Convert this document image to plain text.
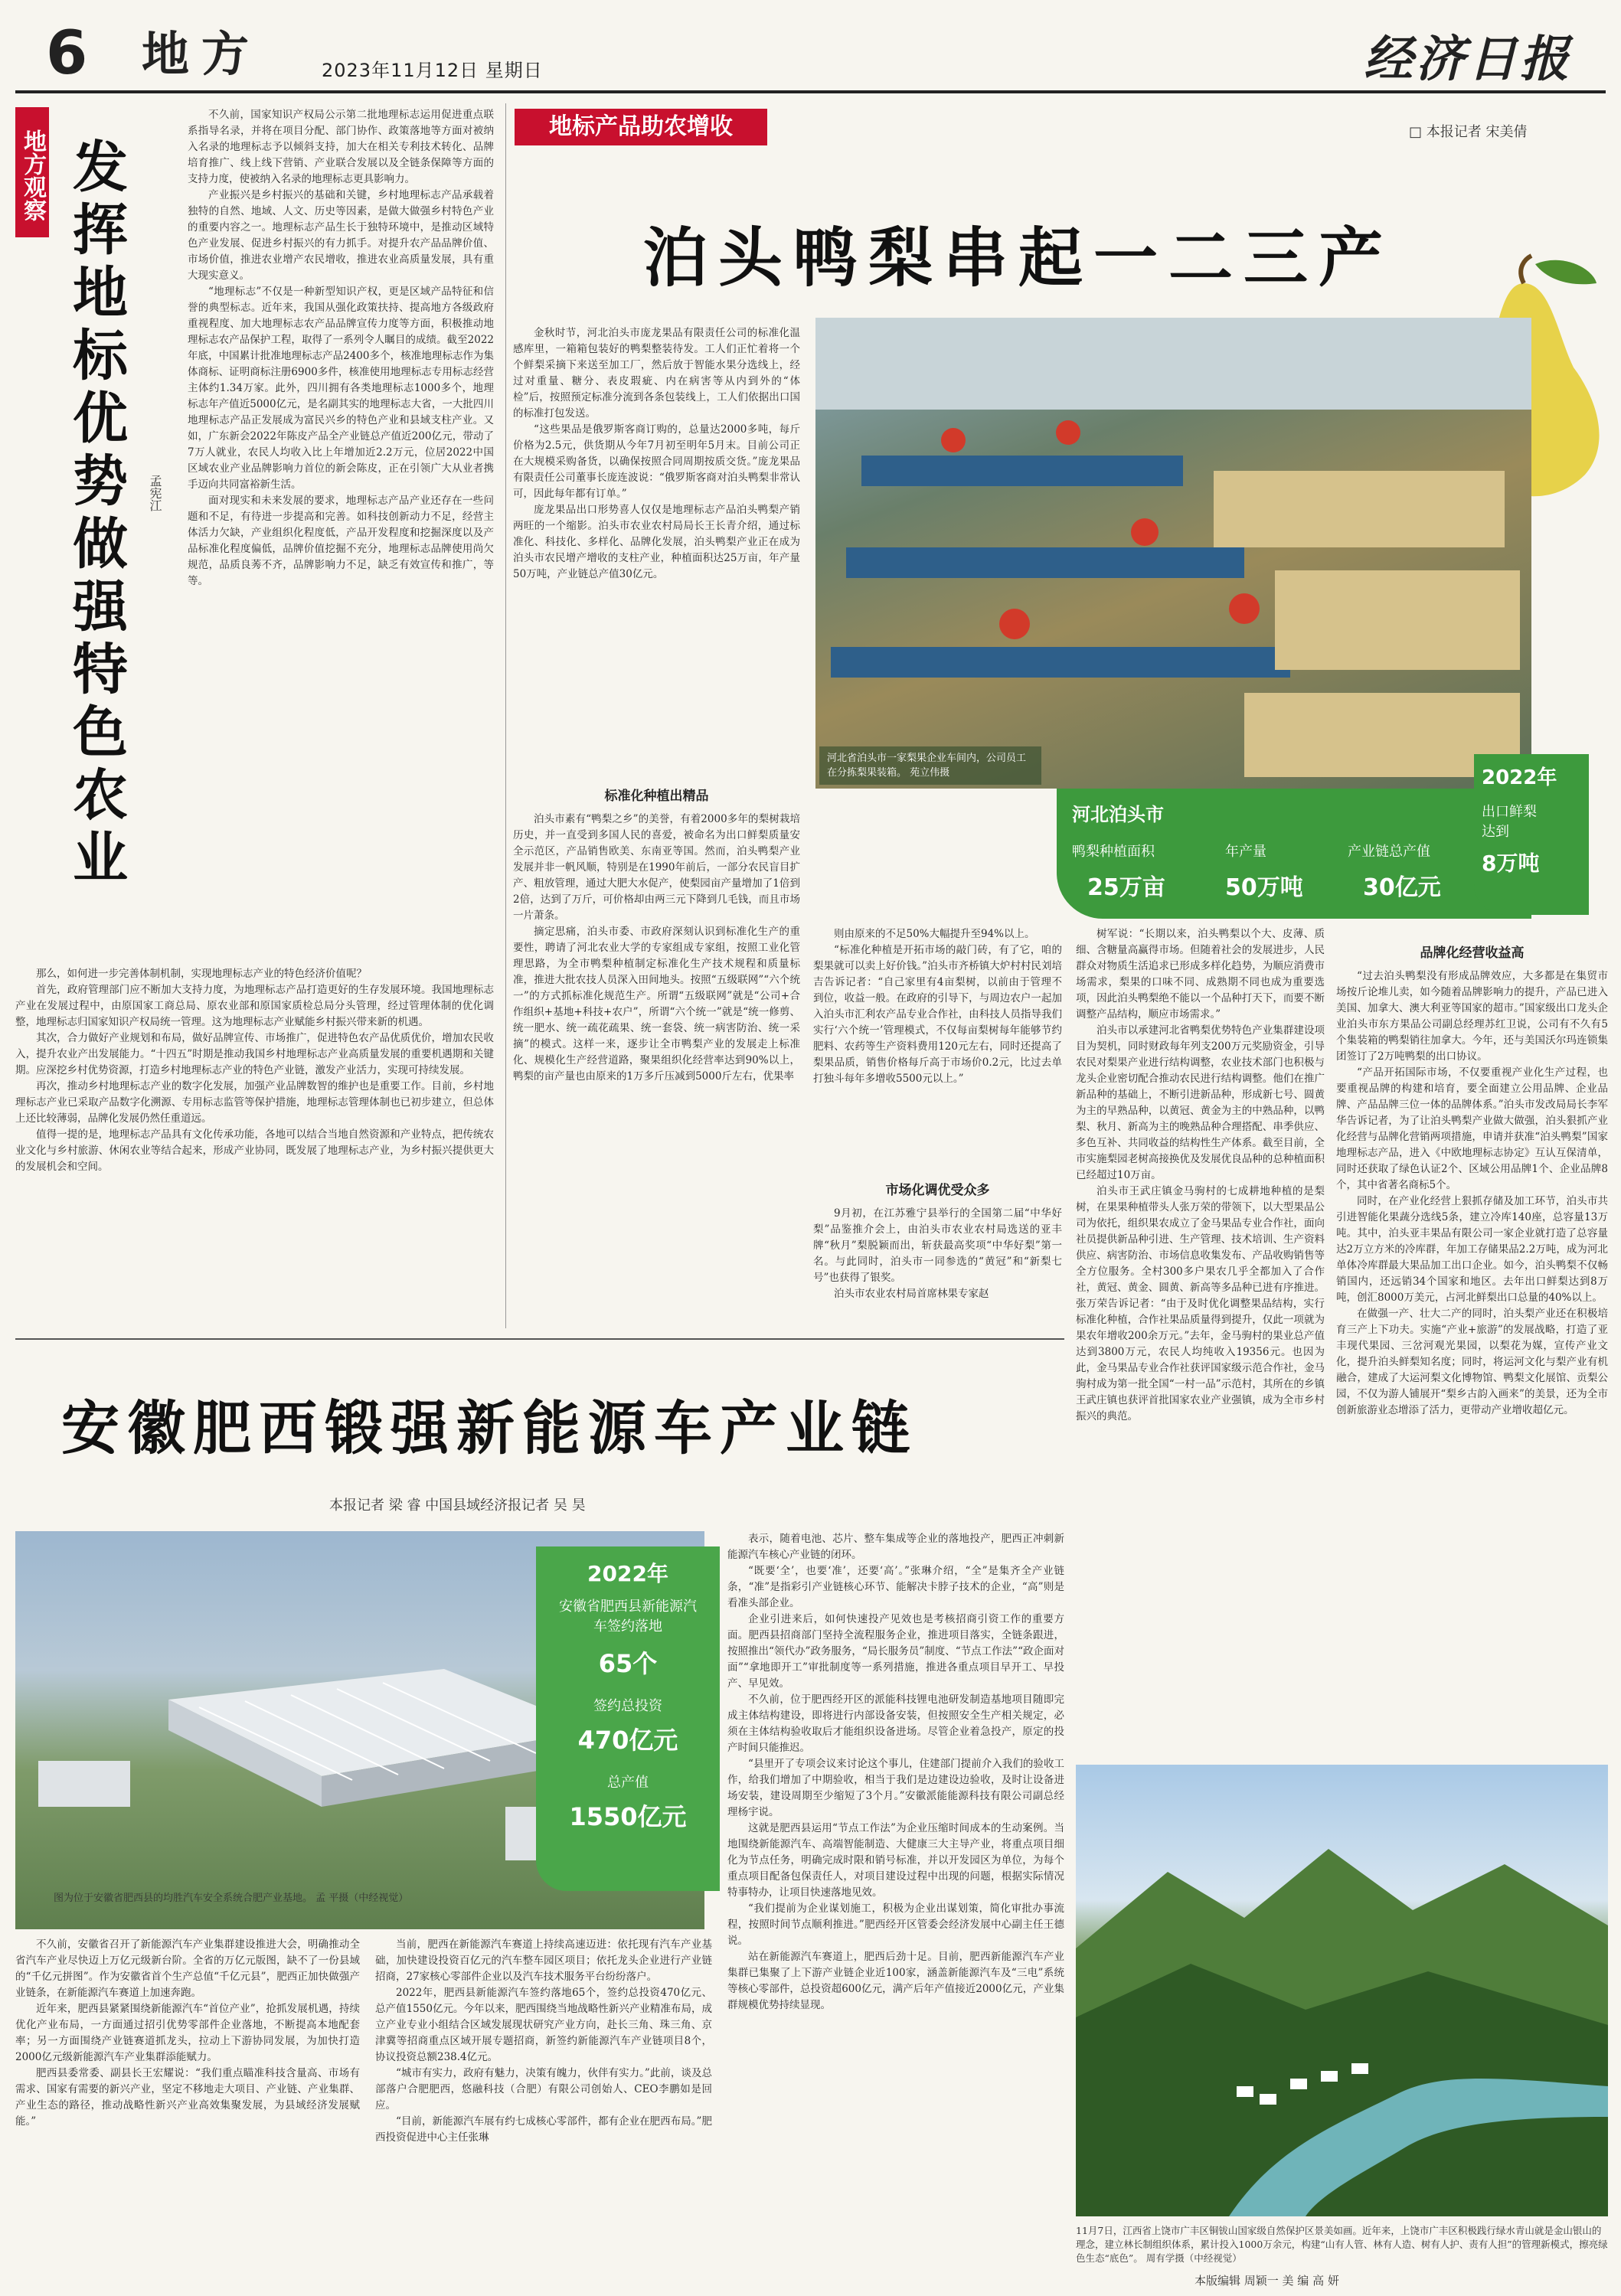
6 地方	2023年11月12日 星期日	经济日报
地方观察 发挥地标优势做强特色农业 孟宪江

不久前，国家知识产权局公示第二批地理标志运用促进重点联系指导名录，并将在项目分配、部门协作、政策落地等方面对被纳入名录的地理标志予以倾斜支持，加大在相关专利技术转化、品牌培育推广、线上线下营销、产业联合发展以及全链条保障等方面的支持力度，使被纳入名录的地理标志更具影响力。

产业振兴是乡村振兴的基础和关键，乡村地理标志产品承载着独特的自然、地域、人文、历史等因素，是做大做强乡村特色产业的重要内容之一。地理标志产品生长于独特环境中，是推动区域特色产业发展、促进乡村振兴的有力抓手。对提升农产品品牌价值、市场价值，推进农业增产农民增收，推进农业高质量发展，具有重大现实意义。

“地理标志”不仅是一种新型知识产权，更是区域产品特征和信誉的典型标志。近年来，我国从强化政策扶持、提高地方各级政府重视程度、加大地理标志农产品品牌宣传力度等方面，积极推动地理标志农产品保护工程，取得了一系列令人瞩目的成绩。截至2022年底，中国累计批准地理标志产品2400多个，核准地理标志作为集体商标、证明商标注册6900多件，核准使用地理标志专用标志经营主体约1.34万家。此外，四川拥有各类地理标志1000多个，地理标志年产值近5000亿元，是名副其实的地理标志大省，一大批四川地理标志产品正发展成为富民兴乡的特色产业和县域支柱产业。又如，广东新会2022年陈皮产品全产业链总产值近200亿元，带动了7万人就业，农民人均收入比上年增加近2.2万元，位居2022中国区域农业产业品牌影响力首位的新会陈皮，正在引领广大从业者携手迈向共同富裕新生活。

面对现实和未来发展的要求，地理标志产品产业还存在一些问题和不足，有待进一步提高和完善。如科技创新动力不足，经营主体活力欠缺，产业组织化程度低，产品开发程度和挖掘深度以及产品标准化程度偏低，品牌价值挖掘不充分，地理标志品牌使用尚欠规范，品质良莠不齐，品牌影响力不足，缺乏有效宣传和推广，等等。

那么，如何进一步完善体制机制，实现地理标志产业的特色经济价值呢？

首先，政府管理部门应不断加大支持力度，为地理标志产品打造更好的生存发展环境。我国地理标志产业在发展过程中，由原国家工商总局、原农业部和原国家质检总局分头管理，经过管理体制的优化调整，地理标志归国家知识产权局统一管理。这为地理标志产业赋能乡村振兴带来新的机遇。

其次，合力做好产业规划和布局，做好品牌宣传、市场推广，促进特色农产品优质优价，增加农民收入，提升农业产出发展能力。“十四五”时期是推动我国乡村地理标志产业高质量发展的重要机遇期和关键期。应深挖乡村优势资源，打造乡村地理标志产业的特色产业链，激发产业活力，实现可持续发展。

再次，推动乡村地理标志产业的数字化发展，加强产业品牌数智的维护也是重要工作。目前，乡村地理标志产业已采取产品数字化溯源、专用标志监管等保护措施，地理标志管理体制也已初步建立，但总体上还比较薄弱，品牌化发展仍然任重道远。

值得一提的是，地理标志产品具有文化传承功能，各地可以结合当地自然资源和产业特点，把传统农业文化与乡村旅游、休闲农业等结合起来，形成产业协同，既发展了地理标志产业，为乡村振兴提供更大的发展机会和空间。

地标产品助农增收	□ 本报记者 宋美倩
泊头鸭梨串起一二三产
河北省泊头市一家梨果企业车间内，公司员工在分拣梨果装箱。 苑立伟摄
河北泊头市
鸭梨种植面积
25万亩
年产量
50万吨
产业链总产值
30亿元
2022年
出口鲜梨达到
8万吨

金秋时节，河北泊头市庞龙果品有限责任公司的标准化温感库里，一箱箱包装好的鸭梨整装待发。工人们正忙着将一个个鲜梨采摘下来送至加工厂，然后放于智能水果分选线上，经过对重量、糖分、表皮瑕疵、内在病害等从内到外的“体检”后，按照预定标准分流到各条包装线上，工人们依据出口国的标准打包发送。

“这些果品是俄罗斯客商订购的，总量达2000多吨，每斤价格为2.5元，供货期从今年7月初至明年5月末。目前公司正在大规模采购备货，以确保按照合同周期按质交货。”庞龙果品有限责任公司董事长庞连波说：“俄罗斯客商对泊头鸭梨非常认可，因此每年都有订单。”

庞龙果品出口形势喜人仅仅是地理标志产品泊头鸭梨产销两旺的一个缩影。泊头市农业农村局局长王长青介绍，通过标准化、科技化、多样化、品牌化发展，泊头鸭梨产业正在成为泊头市农民增产增收的支柱产业，种植面积达25万亩，年产量50万吨，产业链总产值30亿元。

标准化种植出精品

泊头市素有“鸭梨之乡”的美誉，有着2000多年的梨树栽培历史，并一直受到多国人民的喜爱，被命名为出口鲜梨质量安全示范区，产品销售欧美、东南亚等国。然而，泊头鸭梨产业发展并非一帆风顺，特别是在1990年前后，一部分农民盲目扩产、粗放管理，通过大肥大水促产，使梨园亩产量增加了1倍到2倍，达到了万斤，可价格却由两三元下降到几毛钱，而且市场一片萧条。

摘定思痛，泊头市委、市政府深刻认识到标准化生产的重要性，聘请了河北农业大学的专家组成专家组，按照工业化管理思路，为全市鸭梨种植制定标准化生产技术规程和质量标准，推进大批农技人员深入田间地头。按照“五级联网”“六个统一”的方式抓标准化规范生产。所谓“五级联网”就是“公司+合作组织+基地+科技+农户”，所谓“六个统一”就是“统一修剪、统一肥水、统一疏花疏果、统一套袋、统一病害防治、统一采摘”的模式。这样一来，逐步让全市鸭梨产业的发展走上标准化、规模化生产经营道路，聚果组织化经营率达到90%以上，鸭梨的亩产量也由原来的1万多斤压减到5000斤左右，优果率

则由原来的不足50%大幅提升至94%以上。

“标准化种植是开拓市场的敲门砖，有了它，咱的梨果就可以卖上好价钱。”泊头市齐桥镇大炉村村民刘培吉告诉记者：“自己家里有4亩梨树，以前由于管理不到位，收益一般。在政府的引导下，与周边农户一起加入泊头市汇利农产品专业合作社，由科技人员指导我们实行‘六个统一’管理模式，不仅每亩梨树每年能够节约肥料、农药等生产资料费用120元左右，同时还提高了梨果品质，销售价格每斤高于市场价0.2元，比过去单打独斗每年多增收5500元以上。”

市场化调优受众多

9月初，在江苏雅宁县举行的全国第二届“中华好梨”品鉴推介会上，由泊头市农业农村局选送的亚丰牌“秋月”梨脱颖而出，斩获最高奖项“中华好梨”第一名。与此同时，泊头市一同参选的“黄冠”和“新梨七号”也获得了银奖。

泊头市农业农村局首席林果专家赵

树军说：“长期以来，泊头鸭梨以个大、皮薄、质细、含糖量高赢得市场。但随着社会的发展进步，人民群众对物质生活追求已形成多样化趋势，为顺应消费市场需求，梨果的口味不同、成熟期不同也成为重要选项，因此泊头鸭梨绝不能以一个品种打天下，而要不断调整产品结构，顺应市场需求。”

泊头市以承建河北省鸭梨优势特色产业集群建设项目为契机，同时财政每年列支200万元奖励资金，引导农民对梨果产业进行结构调整，农业技术部门也积极与龙头企业密切配合推动农民进行结构调整。他们在推广新品种的基础上，不断引进新品种，形成新七号、圆黄为主的早熟品种，以黄冠、黄金为主的中熟品种，以鸭梨、秋月、新高为主的晚熟品种合理搭配、串季供应、多色互补、共同收益的结构性生产体系。截至目前，全市实施梨园老树高接换优及发展优良品种的总种植面积已经超过10万亩。

泊头市王武庄镇金马驹村的七成耕地种植的是梨树，在果果种植带头人张万荣的带领下，以大型果品公司为依托，组织果农成立了金马果品专业合作社，面向社员提供新品种引进、生产管理、技术培训、生产资料供应、病害防治、市场信息收集发布、产品收购销售等全方位服务。全村300多户果农几乎全都加入了合作社，黄冠、黄金、圆黄、新高等多品种已进有序推进。张万荣告诉记者：“由于及时优化调整果品结构，实行标准化种植，合作社果品质量得到提升，仅此一项就为果农年增收200余万元。”去年，金马驹村的果业总产值达到3800万元，农民人均纯收入19356元。也因为此，金马果品专业合作社获评国家级示范合作社，金马驹村成为第一批全国“一村一品”示范村，其所在的乡镇王武庄镇也获评首批国家农业产业强镇，成为全市乡村振兴的典范。

品牌化经营收益高

“过去泊头鸭梨没有形成品牌效应，大多都是在集贸市场按斤论堆儿卖，如今随着品牌影响力的提升，产品已进入美国、加拿大、澳大利亚等国家的超市。”国家级出口龙头企业泊头市东方果品公司副总经理苏红卫说，公司有不久有5个集装箱的鸭梨销往加拿大。今年，还与美国沃尔玛连锁集团签订了2万吨鸭梨的出口协议。

“产品开拓国际市场，不仅要重视产业化生产过程，也要重视品牌的构建和培育，要全面建立公用品牌、企业品牌、产品品牌三位一体的品牌体系。”泊头市发改局局长李军华告诉记者，为了让泊头鸭梨产业做大做强，泊头狠抓产业化经营与品牌化营销两项措施，申请并获准“泊头鸭梨”国家地理标志产品，进入《中欧地理标志协定》互认互保清单，同时还获取了绿色认证2个、区域公用品牌1个、企业品牌8个，其中省著名商标5个。

同时，在产业化经营上狠抓存储及加工环节，泊头市共引进智能化果蔬分选线5条，建立冷库140座，总容量13万吨。其中，泊头亚丰果品有限公司一家企业就打造了总容量达2万立方米的冷库群，年加工存储果品2.2万吨，成为河北单体冷库群最大果品加工出口企业。如今，泊头鸭梨不仅畅销国内，还远销34个国家和地区。去年出口鲜梨达到8万吨，创汇8000万美元，占河北鲜梨出口总量的40%以上。

在做强一产、壮大二产的同时，泊头梨产业还在积极培育三产上下功夫。实施“产业+旅游”的发展战略，打造了亚丰现代果园、三岔河观光果园，以梨花为媒，宣传产业文化，提升泊头鲜梨知名度；同时，将运河文化与梨产业有机融合，建成了大运河梨文化博物馆、鸭梨文化展馆、贡梨公园，不仅为游人铺展开“梨乡古韵入画来”的美景，还为全市创新旅游业态增添了活力，更带动产业增收超亿元。

安徽肥西锻强新能源车产业链
本报记者 梁 睿 中国县域经济报记者 吴 昊
图为位于安徽省肥西县的均胜汽车安全系统合肥产业基地。 孟 平摄（中经视觉）
2022年
安徽省肥西县新能源汽车签约落地
65个
签约总投资
470亿元
总产值
1550亿元

不久前，安徽省召开了新能源汽车产业集群建设推进大会，明确推动全省汽车产业尽快迈上万亿元级新台阶。全省的万亿元版图，缺不了一份县域的“千亿元拼图”。作为安徽省首个生产总值“千亿元县”，肥西正加快做强产业链条，在新能源汽车赛道上加速奔跑。

近年来，肥西县紧紧围绕新能源汽车“首位产业”，抢抓发展机遇，持续优化产业布局，一方面通过招引优势零部件企业落地，不断提高本地配套率；另一方面围绕产业链赛道抓龙头，拉动上下游协同发展，为加快打造2000亿元级新能源汽车产业集群添能赋力。

肥西县委常委、副县长王宏耀说：“我们重点瞄准科技含量高、市场有需求、国家有需要的新兴产业，坚定不移地走大项目、产业链、产业集群、产业生态的路径，推动战略性新兴产业高效集聚发展，为县域经济发展赋能。”

当前，肥西在新能源汽车赛道上持续高速迈进：依托现有汽车产业基础，加快建设投资百亿元的汽车整车园区项目；依托龙头企业进行产业链招商，27家核心零部件企业以及汽车技术服务平台纷纷落户。

2022年，肥西县新能源汽车签约落地65个，签约总投资470亿元、总产值1550亿元。今年以来，肥西围绕当地战略性新兴产业精准布局，成立产业专业小组结合区域发展现状研究产业方向，赴长三角、珠三角、京津冀等招商重点区域开展专题招商，新签约新能源汽车产业链项目8个，协议投资总额238.4亿元。

“城市有实力，政府有魅力，决策有魄力，伙伴有实力。”此前，谈及总部落户合肥肥西，悠融科技（合肥）有限公司创始人、CEO李鹏如是回应。

“目前，新能源汽车展有约七成核心零部件，都有企业在肥西布局。”肥西投资促进中心主任张琳

表示，随着电池、芯片、整车集成等企业的落地投产，肥西正冲刺新能源汽车核心产业链的闭环。

“既要‘全’，也要‘准’，还要‘高’。”张琳介绍，“全”是集齐全产业链条，“准”是指彩引产业链核心环节、能解决卡脖子技术的企业，“高”则是看准头部企业。

企业引进来后，如何快速投产见效也是考核招商引资工作的重要方面。肥西县招商部门坚持全流程服务企业，推进项目落实，全链条跟进，按照推出“领代办”政务服务，“局长服务员”制度、“节点工作法”“政企面对面”“拿地即开工”审批制度等一系列措施，推进各重点项目早开工、早投产、早见效。

不久前，位于肥西经开区的派能科技锂电池研发制造基地项目随即完成主体结构建设，即将进行内部设备安装，但按照安全生产相关规定，必须在主体结构验收取后才能组织设备进场。尽管企业着急投产，原定的投产时间只能推迟。

“县里开了专项会议来讨论这个事儿，住建部门提前介入我们的验收工作，给我们增加了中期验收，相当于我们是边建设边验收，及时让设备进场安装，建设周期至少缩短了3个月。”安徽派能能源科技有限公司副总经理杨宇说。

这就是肥西县运用“节点工作法”为企业压缩时间成本的生动案例。当地围绕新能源汽车、高端智能制造、大健康三大主导产业，将重点项目细化为节点任务，明确完成时限和销号标准，并以开发园区为单位，为每个重点项目配备包保责任人，对项目建设过程中出现的问题，根据实际情况特事特办，让项目快速落地见效。

“我们提前为企业谋划施工，积极为企业出谋划策，简化审批办事流程，按照时间节点顺利推进。”肥西经开区管委会经济发展中心副主任王德说。

站在新能源汽车赛道上，肥西后劲十足。目前，肥西新能源汽车产业集群已集聚了上下游产业链企业近100家，涵盖新能源汽车及“三电”系统等核心零部件，总投资超600亿元，满产后年产值接近2000亿元，产业集群规模优势持续显现。

11月7日，江西省上饶市广丰区铜钹山国家级自然保护区景美如画。近年来，上饶市广丰区积极践行绿水青山就是金山银山的理念，建立林长制组织体系，累计投入1000万余元，构建“山有人管、林有人造、树有人护、责有人担”的管理新模式，擦亮绿色生态“底色”。 周有学摄（中经视觉）
本版编辑 周颖一 美 编 高 妍
